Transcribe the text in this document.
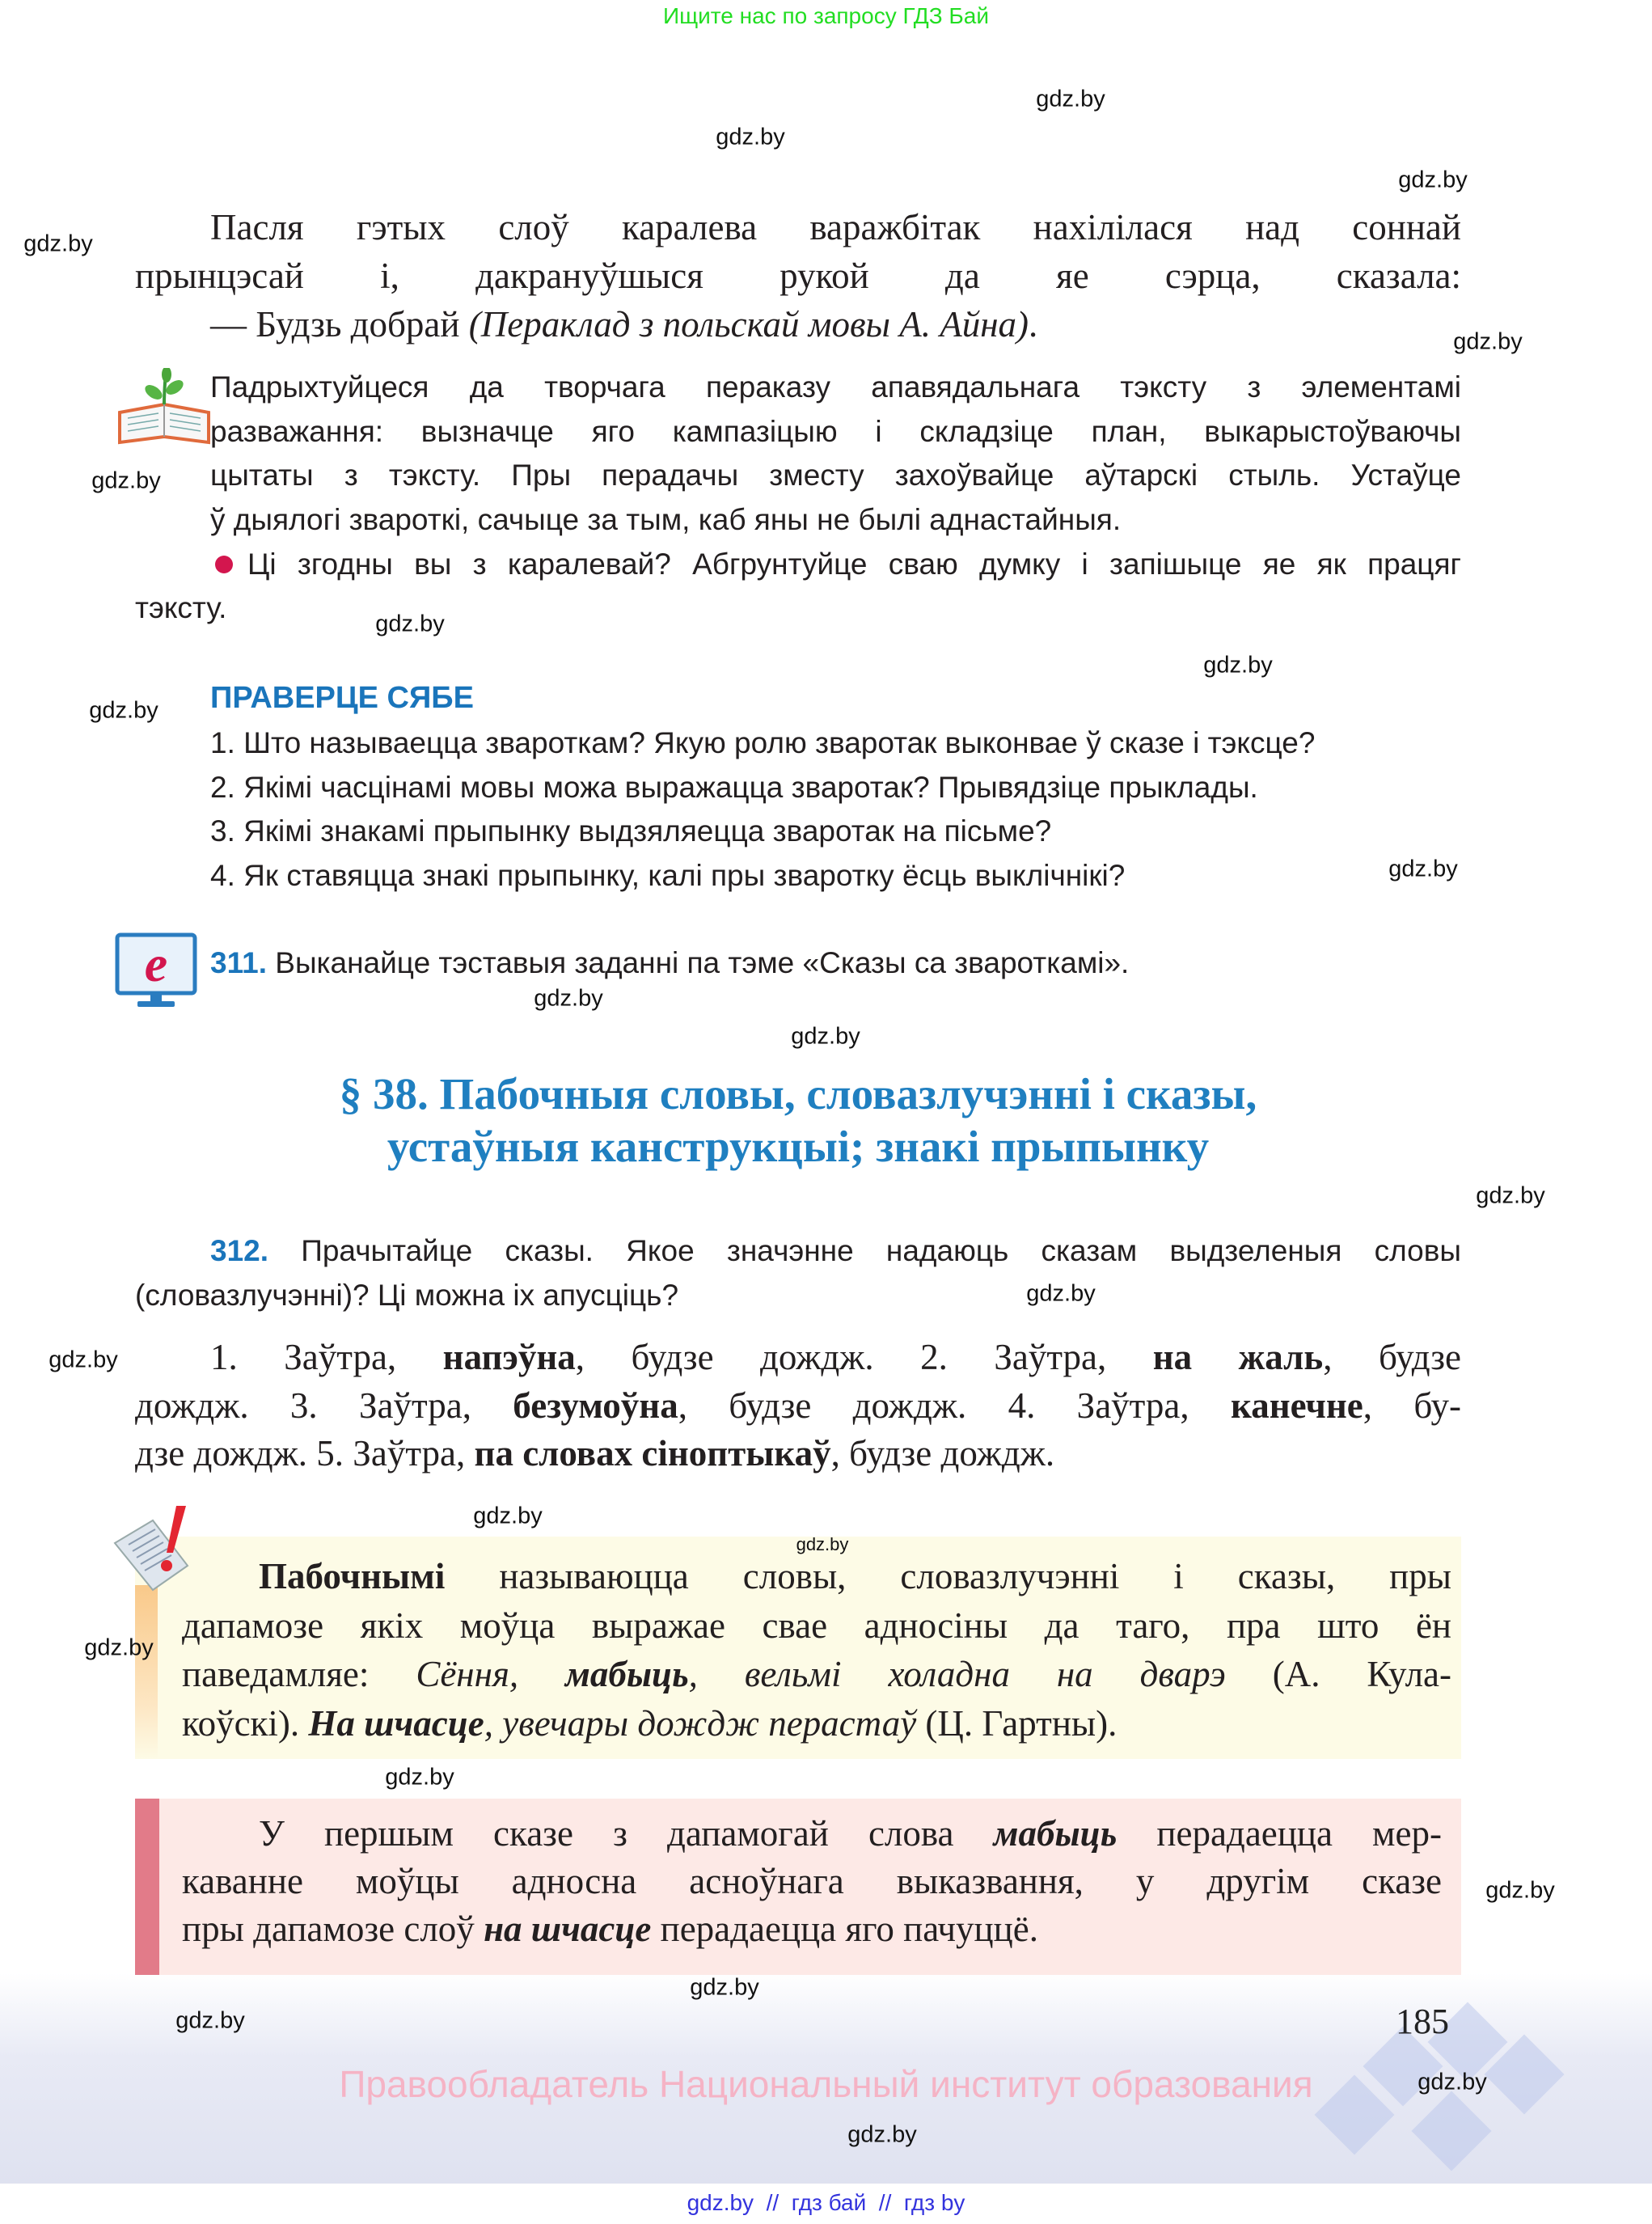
Ищите нас по запросу ГДЗ Бай
Пасля гэтых слоў каралева варажбітак нахілілася над соннай
прынцэсай і, дакрануўшыся рукой да яе сэрца, сказала:
— Будзь добрай (Пераклад з польскай мовы А. Айна).
Падрыхтуйцеся да творчага пераказу апавядальнага тэксту з элементамі
разважання: вызначце яго кампазіцыю і складзіце план, выкарыстоўваючы
цытаты з тэксту. Пры перадачы зместу захоўвайце аўтарскі стыль. Устаўце
ў дыялогі звароткі, сачыце за тым, каб яны не былі аднастайныя.
Ці згодны вы з каралевай? Абгрунтуйце сваю думку і запішыце яе як працяг
тэксту.
ПРАВЕРЦЕ СЯБЕ
1. Што называецца звароткам? Якую ролю зваротак выконвае ў сказе і тэксце?
2. Якімі часцінамі мовы можа выражацца зваротак? Прывядзіце прыклады.
3. Якімі знакамі прыпынку выдзяляецца зваротак на пісьме?
4. Як ставяцца знакі прыпынку, калі пры зваротку ёсць выклічнікі?
e 311. Выканайце тэставыя заданні па тэме «Сказы са звароткамі».
§ 38. Пабочныя словы, словазлучэнні і сказы,
устаўныя канструкцыі; знакі прыпынку
312. Прачытайце сказы. Якое значэнне надаюць сказам выдзеленыя словы
(словазлучэнні)? Ці можна іх апусціць?
1. Заўтра, напэўна, будзе дождж. 2. Заўтра, на жаль, будзе
дождж. 3. Заўтра, безумоўна, будзе дождж. 4. Заўтра, канечне, бу-
дзе дождж. 5. Заўтра, па словах сіноптыкаў, будзе дождж.
Пабочнымі называюцца словы, словазлучэнні і сказы, пры
дапамозе якіх моўца выражае свае адносіны да таго, пра што ён
паведамляе: Сёння, мабыць, вельмі холадна на дварэ (А. Кула-
коўскі). На шчасце, увечары дождж перастаў (Ц. Гартны).
У першым сказе з дапамогай слова мабыць перадаецца мер-
каванне моўцы адносна асноўнага выказвання, у другім сказе
пры дапамозе слоў на шчасце перадаецца яго пачуццё.
185
Правообладатель Национальный институт образования
gdz.by  //  гдз бай  //  гдз by
gdz.by
gdz.by
gdz.by
gdz.by
gdz.by
gdz.by
gdz.by
gdz.by
gdz.by
gdz.by
gdz.by
gdz.by
gdz.by
gdz.by
gdz.by
gdz.by
gdz.by
gdz.by
gdz.by
gdz.by
gdz.by
gdz.by
gdz.by
gdz.by
